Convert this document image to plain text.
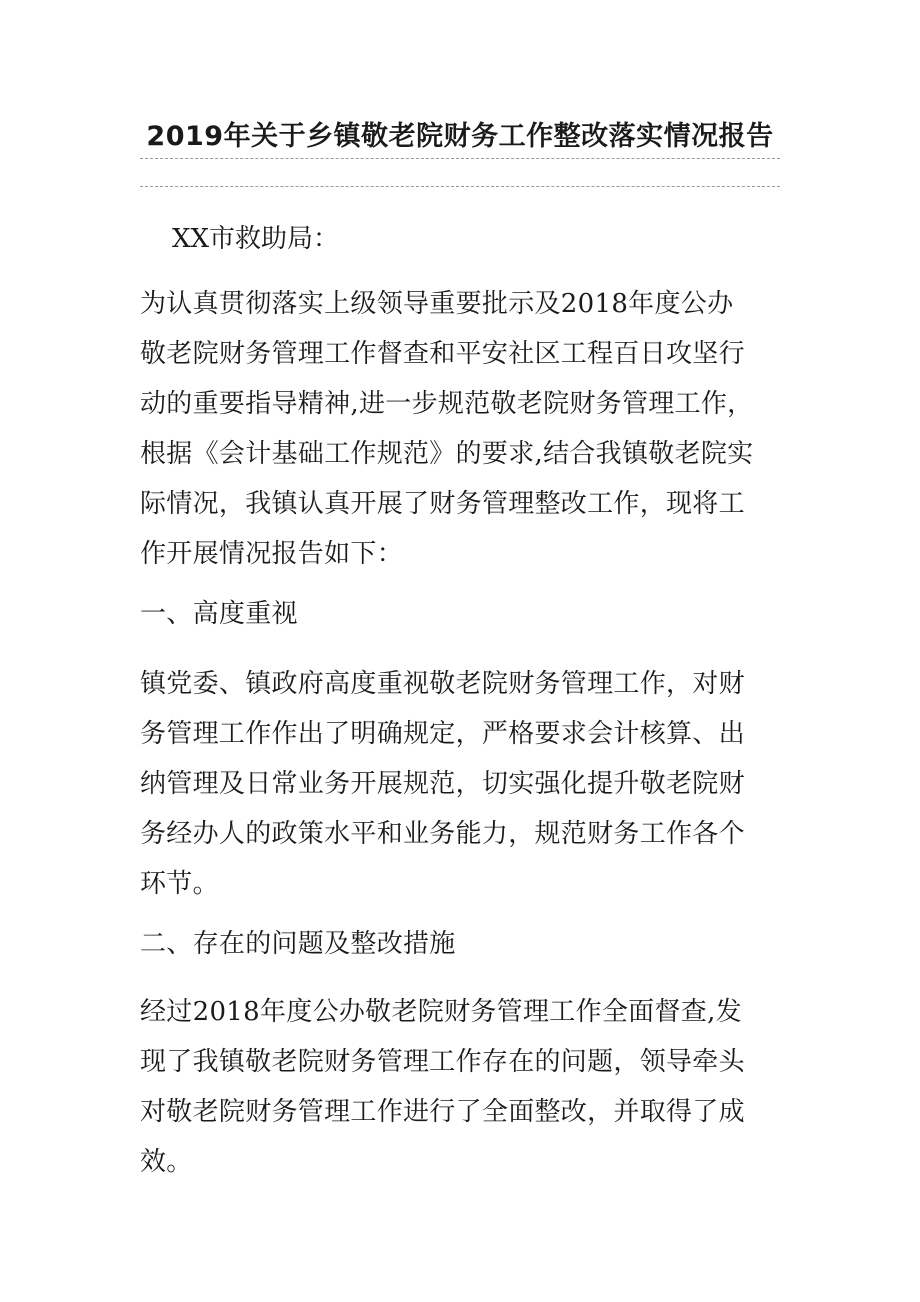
2019年关于乡镇敬老院财务工作整改落实情况报告
XX市救助局：
为认真贯彻落实上级领导重要批示及2018年度公办
敬老院财务管理工作督查和平安社区工程百日攻坚行
动的重要指导精神,进一步规范敬老院财务管理工作，
根据《会计基础工作规范》的要求,结合我镇敬老院实
际情况，我镇认真开展了财务管理整改工作，现将工
作开展情况报告如下：
一、高度重视
镇党委、镇政府高度重视敬老院财务管理工作，对财
务管理工作作出了明确规定，严格要求会计核算、出
纳管理及日常业务开展规范，切实强化提升敬老院财
务经办人的政策水平和业务能力，规范财务工作各个
环节。
二、存在的问题及整改措施
经过2018年度公办敬老院财务管理工作全面督查,发
现了我镇敬老院财务管理工作存在的问题，领导牵头
对敬老院财务管理工作进行了全面整改，并取得了成
效。
